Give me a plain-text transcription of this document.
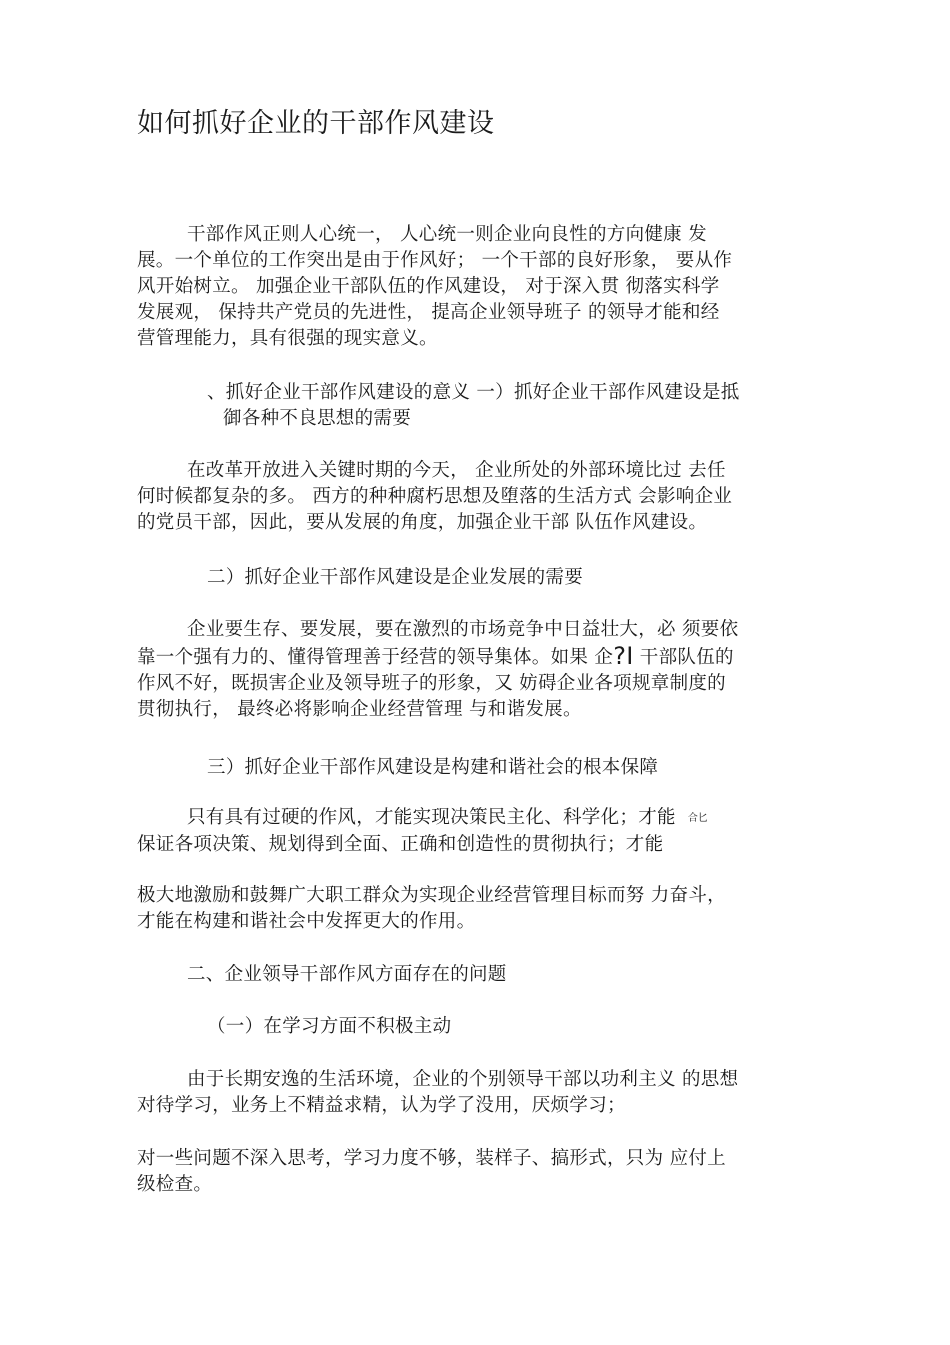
如何抓好企业的干部作风建设
干部作风正则人心统一， 人心统一则企业向良性的方向健康 发
展。一个单位的工作突出是由于作风好； 一个干部的良好形象， 要从作
风开始树立。 加强企业干部队伍的作风建设， 对于深入贯 彻落实科学
发展观， 保持共产党员的先进性， 提高企业领导班子 的领导才能和经
营管理能力，具有很强的现实意义。
、抓好企业干部作风建设的意义 一）抓好企业干部作风建设是抵
御各种不良思想的需要
在改革开放进入关键时期的今天， 企业所处的外部环境比过 去任
何时候都复杂的多。 西方的种种腐朽思想及堕落的生活方式 会影响企业
的党员干部，因此，要从发展的角度，加强企业干部 队伍作风建设。
二）抓好企业干部作风建设是企业发展的需要
企业要生存、要发展，要在激烈的市场竞争中日益壮大，必 须要依
靠一个强有力的、懂得管理善于经营的领导集体。如果 企?I 干部队伍的
作风不好，既损害企业及领导班子的形象，又 妨碍企业各项规章制度的
贯彻执行， 最终必将影响企业经营管理 与和谐发展。
三）抓好企业干部作风建设是构建和谐社会的根本保障
只有具有过硬的作风，才能实现决策民主化、科学化；才能 合匕
保证各项决策、规划得到全面、正确和创造性的贯彻执行；才能
极大地激励和鼓舞广大职工群众为实现企业经营管理目标而努 力奋斗，
才能在构建和谐社会中发挥更大的作用。
二、企业领导干部作风方面存在的问题
（一）在学习方面不积极主动
由于长期安逸的生活环境，企业的个别领导干部以功利主义 的思想
对待学习，业务上不精益求精，认为学了没用，厌烦学习；
对一些问题不深入思考，学习力度不够，装样子、搞形式，只为 应付上
级检查。
